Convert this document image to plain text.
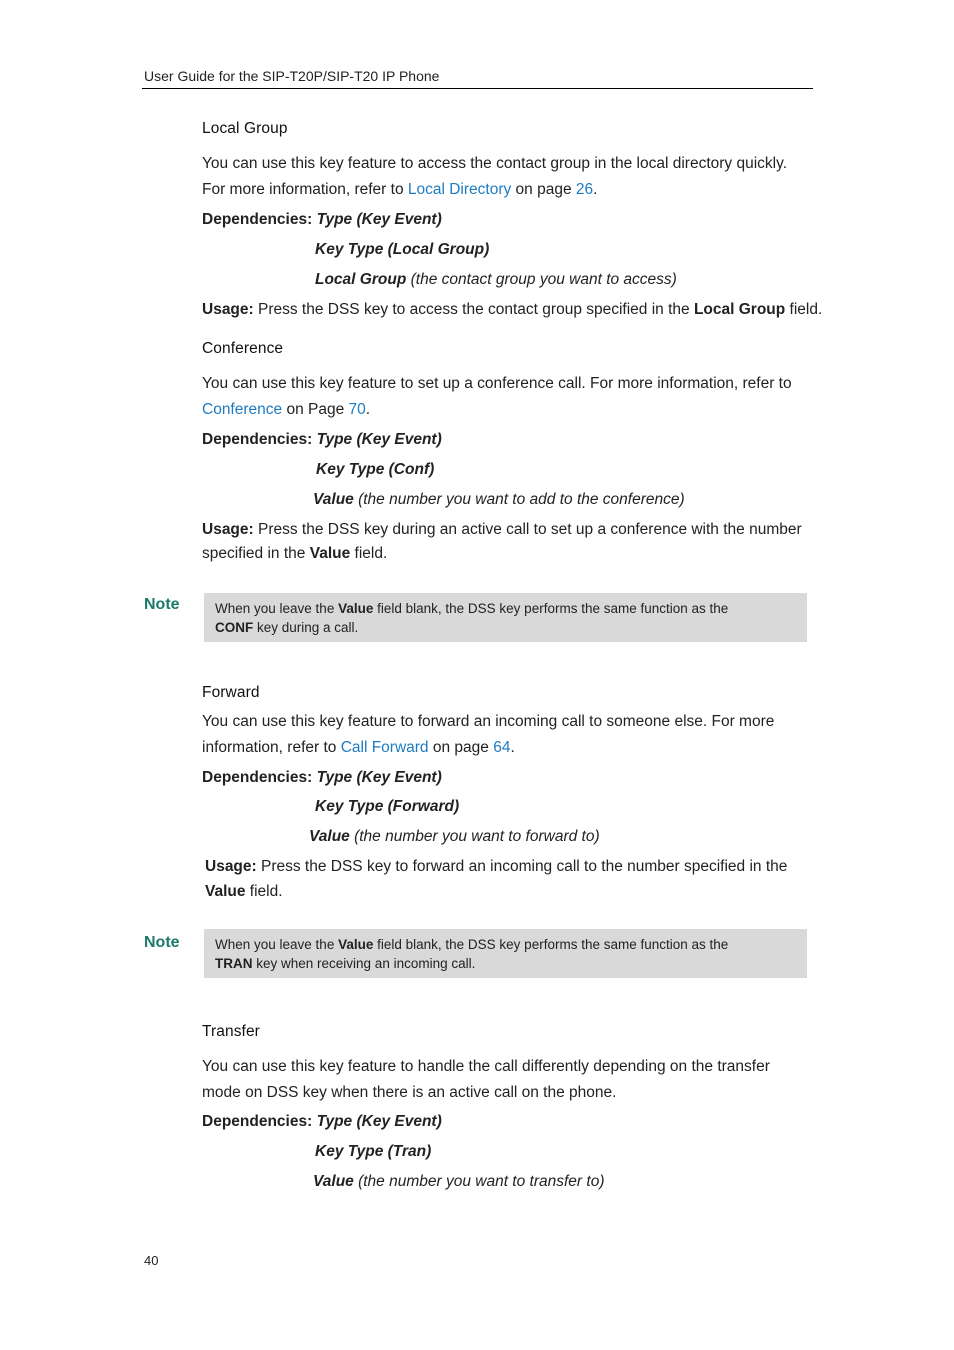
User Guide for the SIP-T20P/SIP-T20 IP Phone
Local Group
You can use this key feature to access the contact group in the local directory quickly.
For more information, refer to Local Directory on page 26.
Dependencies: Type (Key Event)
Key Type (Local Group)
Local Group (the contact group you want to access)
Usage: Press the DSS key to access the contact group specified in the Local Group field.
Conference
You can use this key feature to set up a conference call. For more information, refer to
Conference on Page 70.
Dependencies: Type (Key Event)
Key Type (Conf)
Value (the number you want to add to the conference)
Usage: Press the DSS key during an active call to set up a conference with the number
specified in the Value field.
Note	When you leave the Value field blank, the DSS key performs the same function as the
CONF key during a call.
Forward
You can use this key feature to forward an incoming call to someone else. For more
information, refer to Call Forward on page 64.
Dependencies: Type (Key Event)
Key Type (Forward)
Value (the number you want to forward to)
Usage: Press the DSS key to forward an incoming call to the number specified in the
Value field.
Note	When you leave the Value field blank, the DSS key performs the same function as the
TRAN key when receiving an incoming call.
Transfer
You can use this key feature to handle the call differently depending on the transfer
mode on DSS key when there is an active call on the phone.
Dependencies: Type (Key Event)
Key Type (Tran)
Value (the number you want to transfer to)
40
